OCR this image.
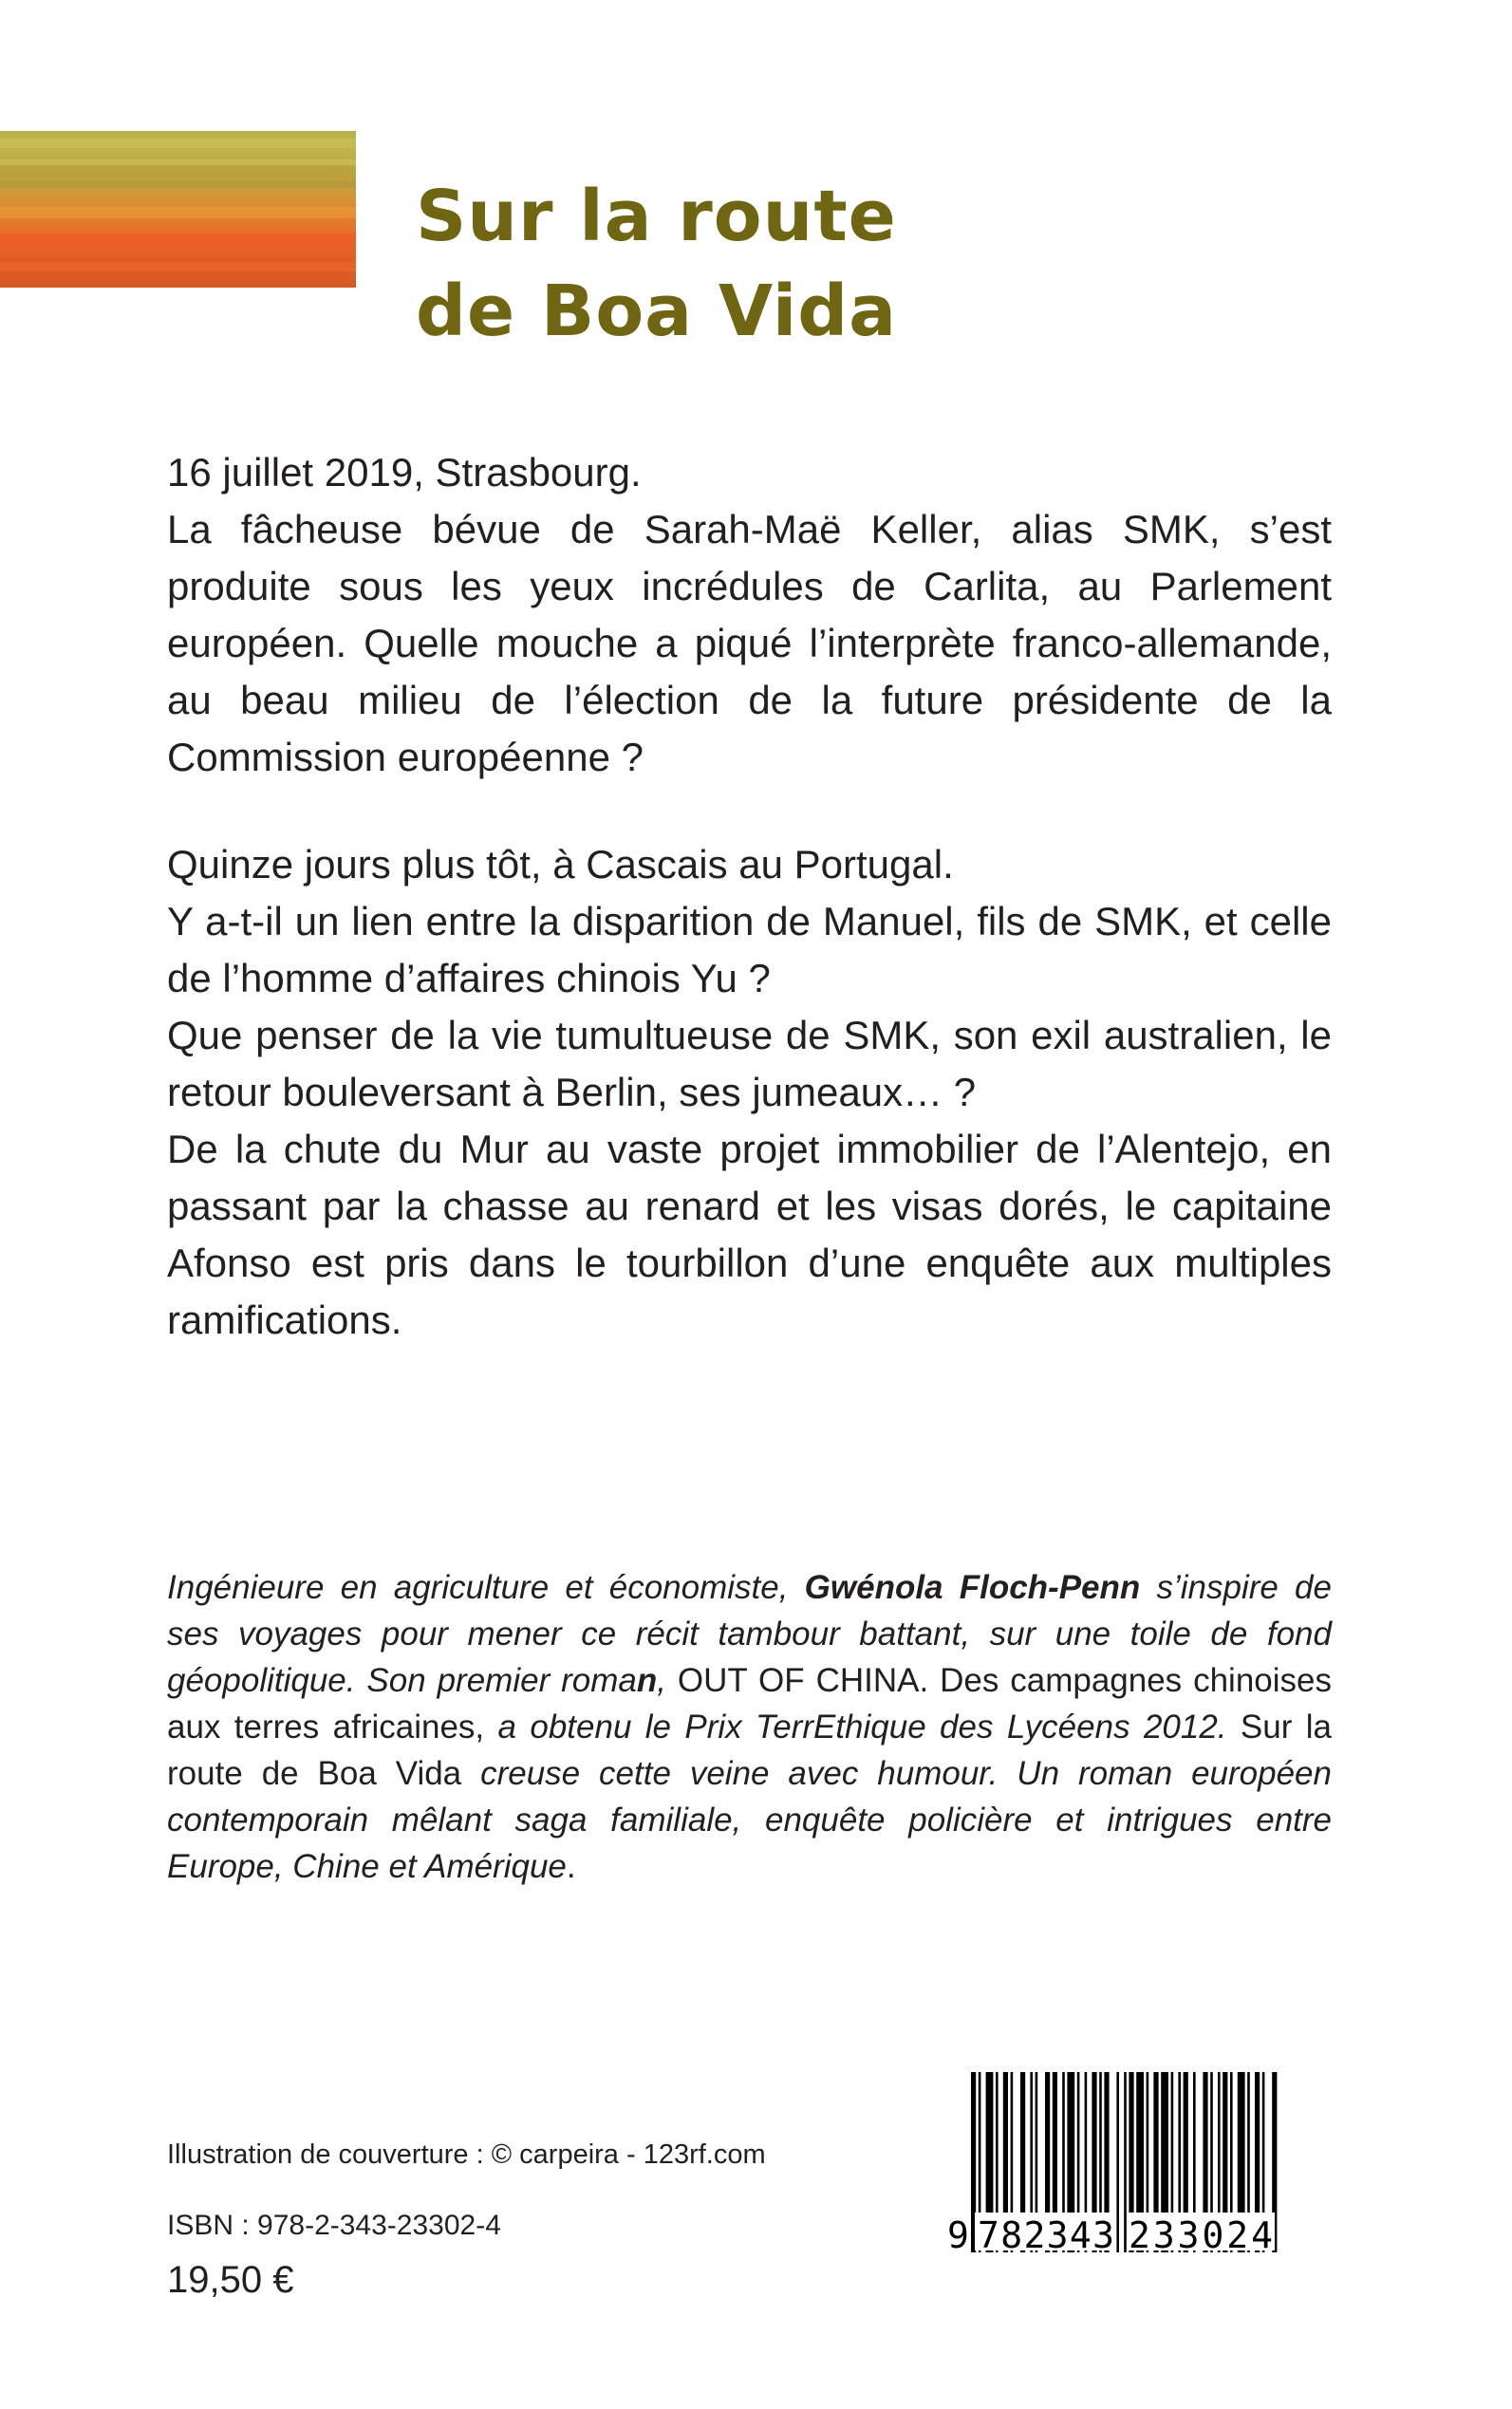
Sur la route
de Boa Vida

16 juillet 2019, Strasbourg.

La fâcheuse bévue de Sarah-Maë Keller, alias SMK, s’est produite sous les yeux incrédules de Carlita, au Parlement européen. Quelle mouche a piqué l’interprète franco-allemande, au beau milieu de l’élection de la future présidente de la Commission européenne ?

Quinze jours plus tôt, à Cascais au Portugal.

Y a-t-il un lien entre la disparition de Manuel, fils de SMK, et celle de l’homme d’affaires chinois Yu ?

Que penser de la vie tumultueuse de SMK, son exil australien, le retour bouleversant à Berlin, ses jumeaux… ?

De la chute du Mur au vaste projet immobilier de l’Alentejo, en passant par la chasse au renard et les visas dorés, le capitaine Afonso est pris dans le tourbillon d’une enquête aux multiples ramifications.

Ingénieure en agriculture et économiste, Gwénola Floch-Penn s’inspire de ses voyages pour mener ce récit tambour battant, sur une toile de fond géopolitique. Son premier roman, OUT OF CHINA. Des campagnes chinoises aux terres africaines, a obtenu le Prix TerrEthique des Lycéens 2012. Sur la route de Boa Vida creuse cette veine avec humour. Un roman européen contemporain mêlant saga familiale, enquête policière et intrigues entre Europe, Chine et Amérique.

Illustration de couverture : © carpeira - 123rf.com

ISBN : 978-2-343-23302-4

19,50 €

9 782343 233024
